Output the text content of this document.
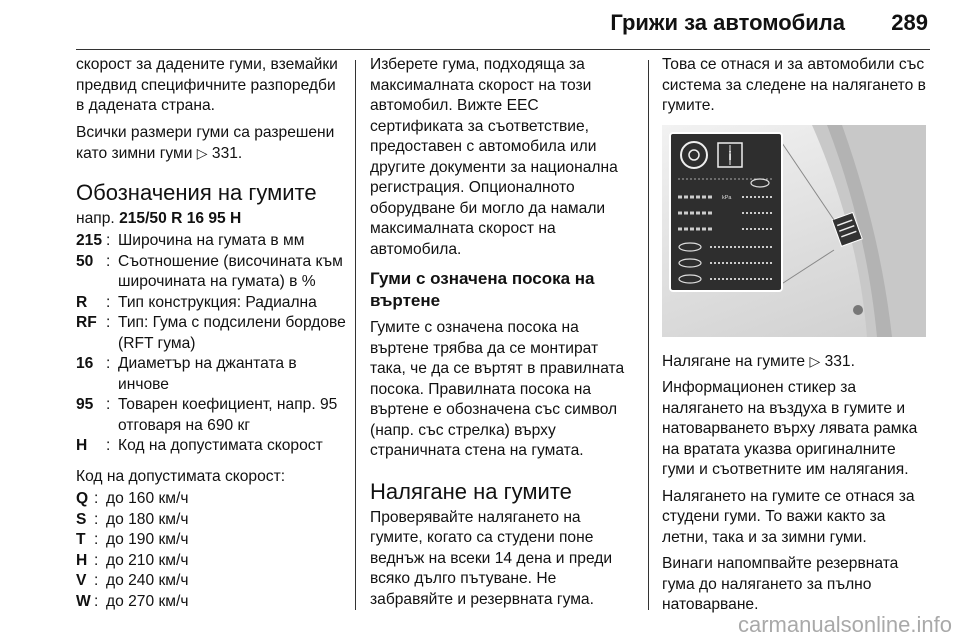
Грижи за автомобила	289

скорост за дадените гуми, вземайки предвид специфичните разпоредби в дадената страна.

Всички размери гуми са разрешени като зимни гуми ▷ 331.

Обозначения на гумите

напр. 215/50 R 16 95 H

215 : Широчина на гумата в мм
50 : Съотношение (височината към широчината на гумата) в %
R	: Тип конструкция: Радиална
RF : Тип: Гума с подсилени бордове (RFT гума)
16 : Диаметър на джантата в инчове
95 : Товарен коефициент, напр. 95 отговаря на 690 кг
H	: Код на допустимата скорост

Код на допустимата скорост:

Q : до 160 км/ч
S : до 180 км/ч
T : до 190 км/ч
H : до 210 км/ч
V : до 240 км/ч
W : до 270 км/ч

Изберете гума, подходяща за максималната скорост на този автомобил. Вижте ЕЕС сертификата за съответствие, предоставен с автомобила или другите документи за национална регистрация. Опционалното оборудване би могло да намали максималната скорост на автомобила.

Гуми с означена посока на въртене

Гумите с означена посока на въртене трябва да се монтират така, че да се въртят в правилната посока. Правилната посока на въртене е обозначена със символ (напр. със стрелка) върху страничната стена на гумата.

Налягане на гумите

Проверявайте налягането на гумите, когато са студени поне веднъж на всеки 14 дена и преди всяко дълго пътуване. Не забравяйте и резервната гума.

Това се отнася и за автомобили със система за следене на налягането в гумите.

i
kPa

Налягане на гумите ▷ 331.

Информационен стикер за налягането на въздуха в гумите и натоварването върху лявата рамка на вратата указва оригиналните гуми и съответните им налягания.

Налягането на гумите се отнася за студени гуми. То важи както за летни, така и за зимни гуми.

Винаги напомпвайте резервната гума до налягането за пълно натоварване.

carmanualsonline.info
